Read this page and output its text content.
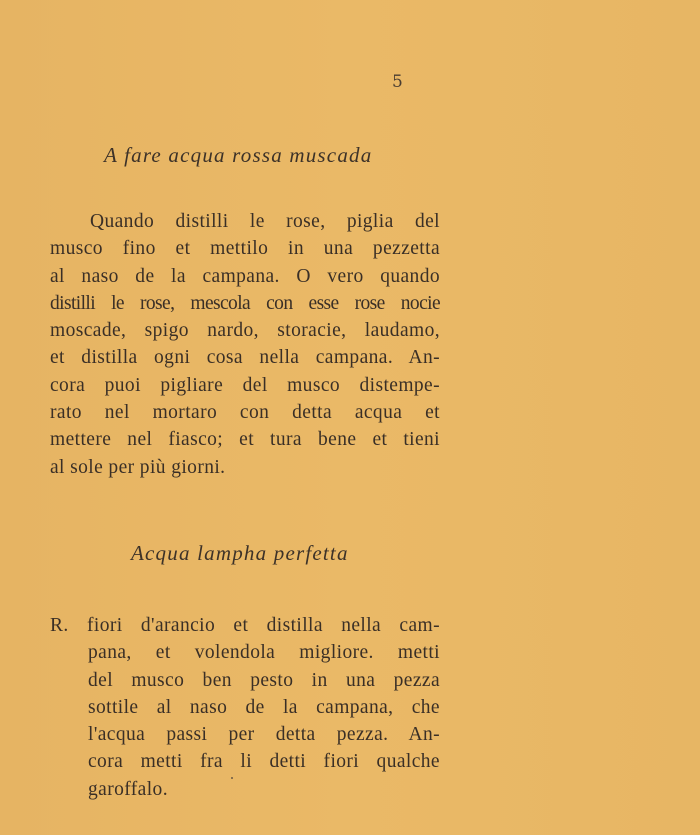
5
A fare acqua rossa muscada
Quando distilli le rose, piglia del
musco fino et mettilo in una pezzetta
al naso de la campana. O vero quando
distilli le rose, mescola con esse rose nocie
moscade, spigo nardo, storacie, laudamo,
et distilla ogni cosa nella campana. An-
cora puoi pigliare del musco distempe-
rato nel mortaro con detta acqua et
mettere nel fiasco; et tura bene et tieni
al sole per più giorni.
Acqua lampha perfetta
R. fiori d'arancio et distilla nella cam-
pana, et volendola migliore. metti
del musco ben pesto in una pezza
sottile al naso de la campana, che
l'acqua passi per detta pezza. An-
cora metti fra li detti fiori qualche
garoffalo.
